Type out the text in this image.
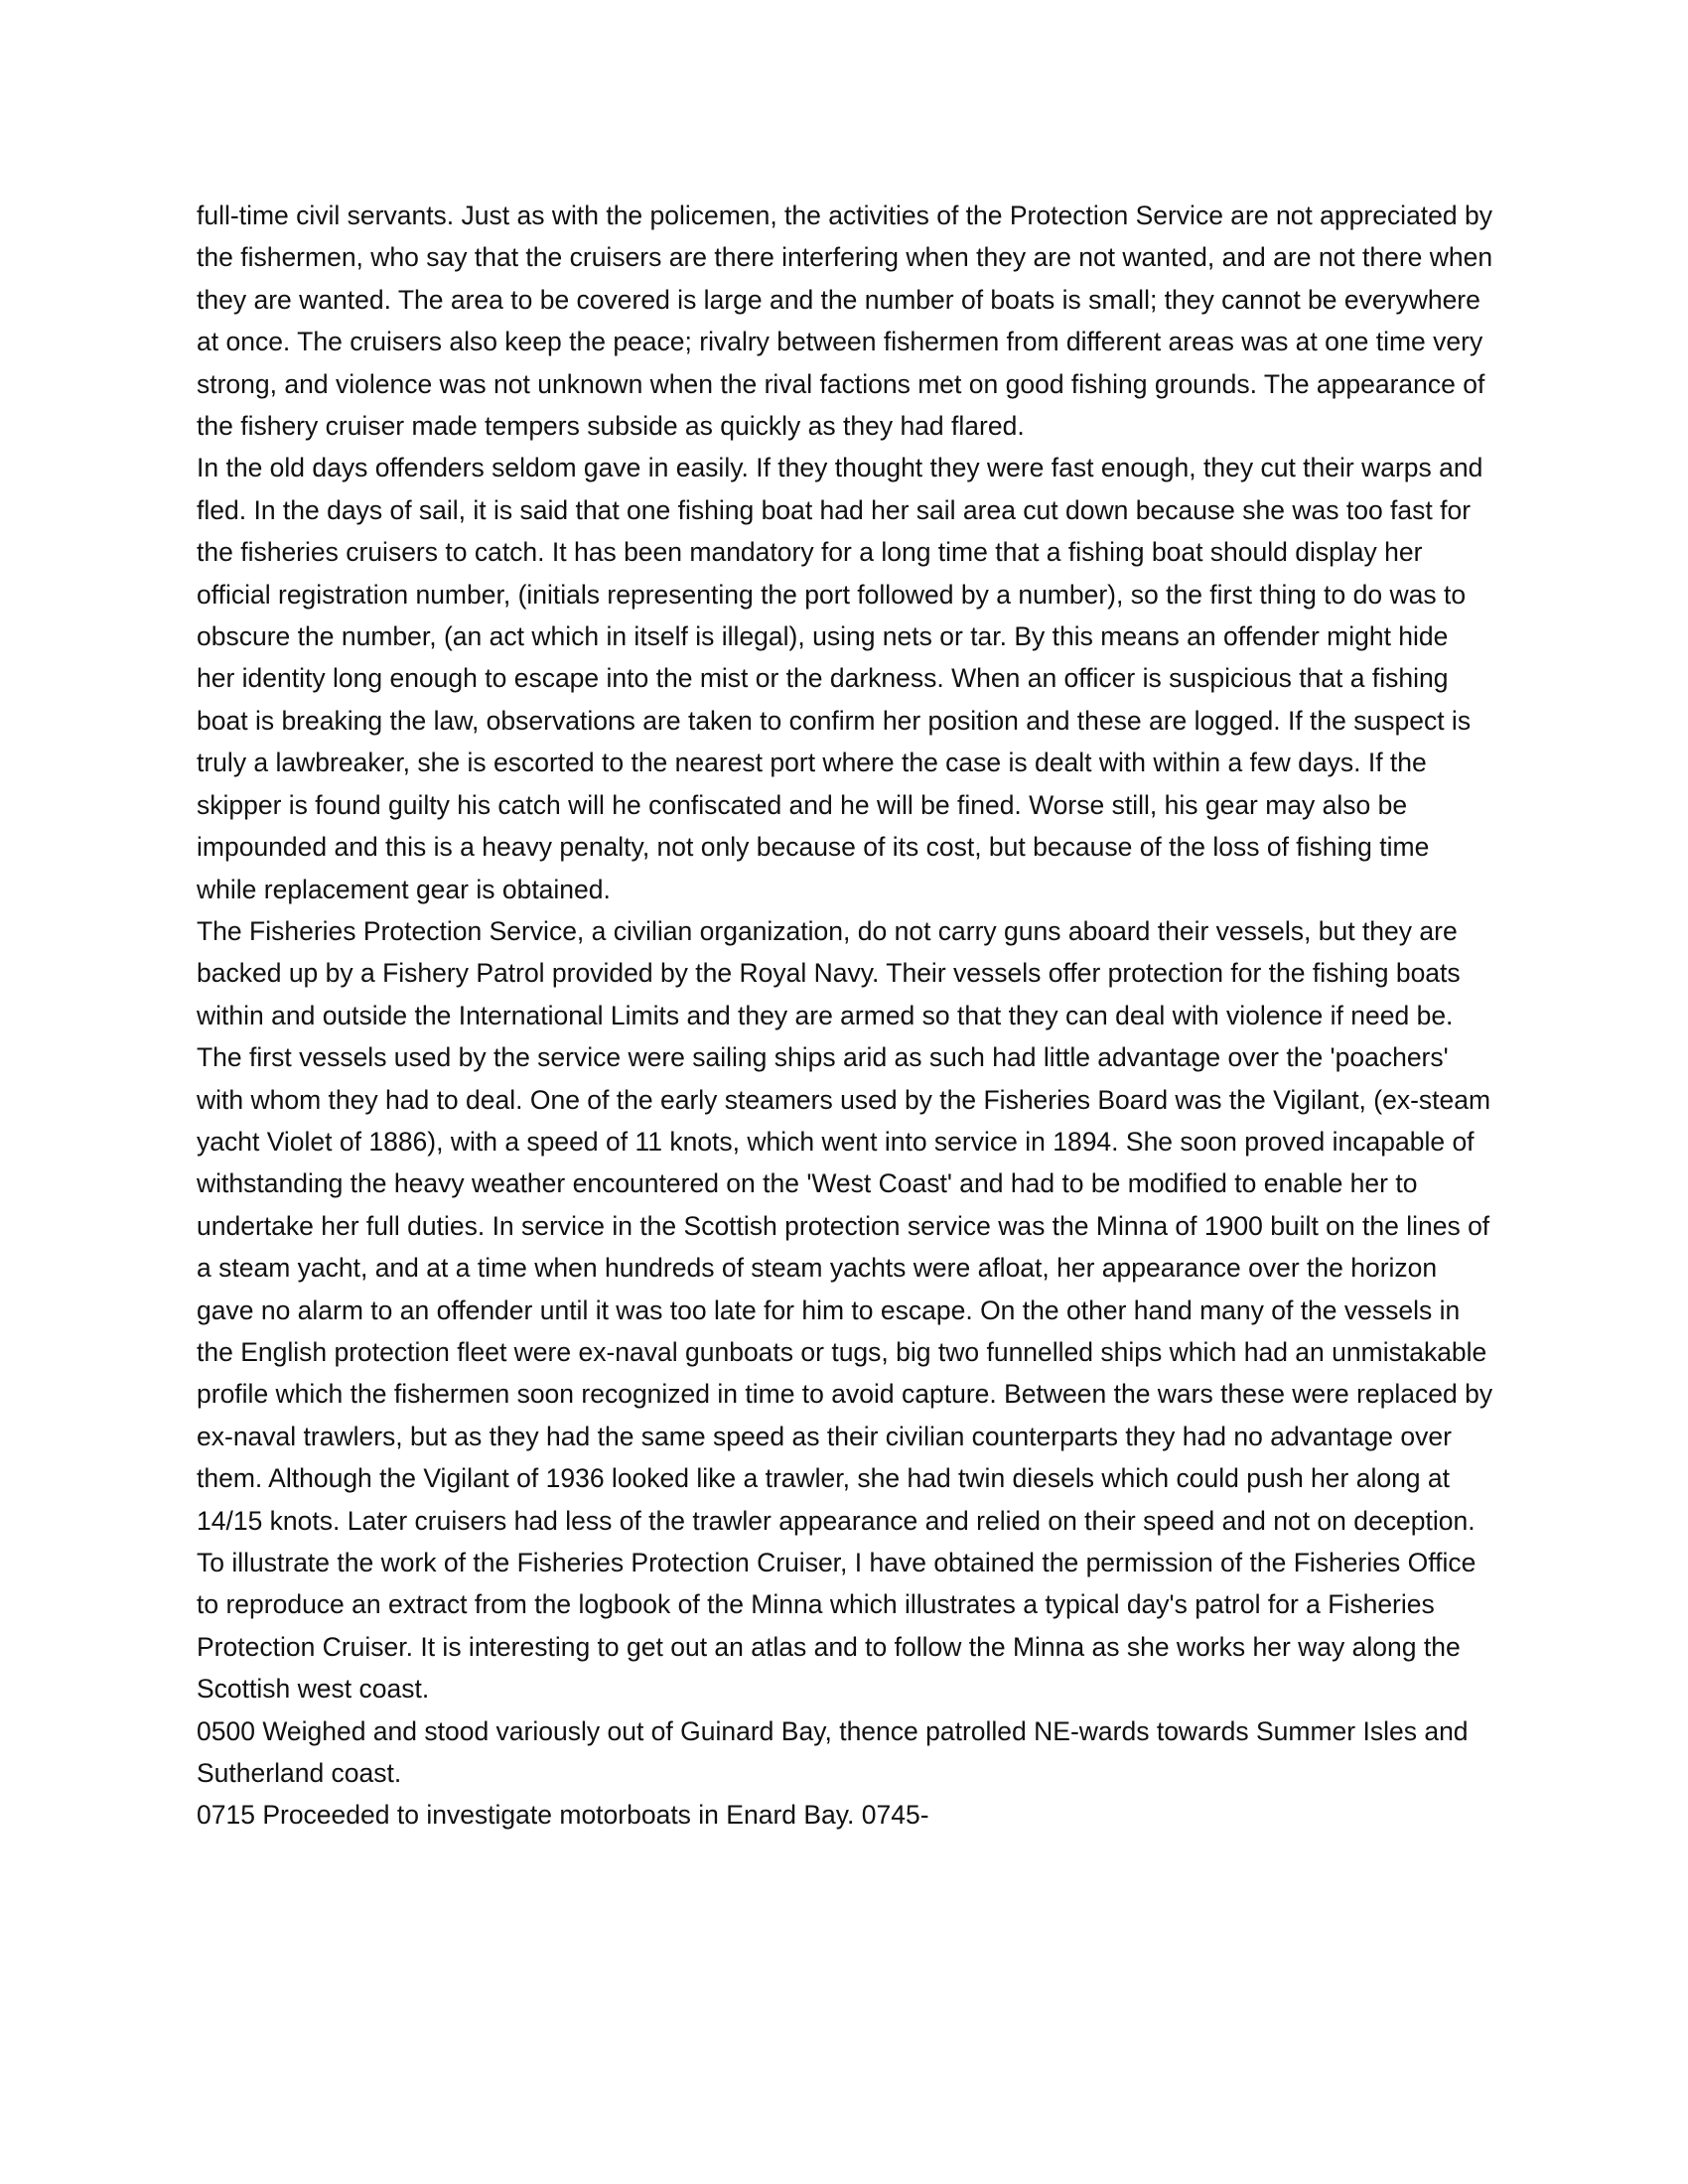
full-time civil servants. Just as with the policemen, the activities of the Protection Service are not appreciated by the fishermen, who say that the cruisers are there interfering when they are not wanted, and are not there when they are wanted. The area to be covered is large and the number of boats is small; they cannot be everywhere at once. The cruisers also keep the peace; rivalry between fishermen from different areas was at one time very strong, and violence was not unknown when the rival factions met on good fishing grounds. The appearance of the fishery cruiser made tempers subside as quickly as they had flared.

In the old days offenders seldom gave in easily. If they thought they were fast enough, they cut their warps and fled. In the days of sail, it is said that one fishing boat had her sail area cut down because she was too fast for the fisheries cruisers to catch. It has been mandatory for a long time that a fishing boat should display her official registration number, (initials representing the port followed by a number), so the first thing to do was to obscure the number, (an act which in itself is illegal), using nets or tar. By this means an offender might hide her identity long enough to escape into the mist or the darkness. When an officer is suspicious that a fishing boat is breaking the law, observations are taken to confirm her position and these are logged. If the suspect is truly a lawbreaker, she is escorted to the nearest port where the case is dealt with within a few days. If the skipper is found guilty his catch will he confiscated and he will be fined. Worse still, his gear may also be impounded and this is a heavy penalty, not only because of its cost, but because of the loss of fishing time while replacement gear is obtained.

The Fisheries Protection Service, a civilian organization, do not carry guns aboard their vessels, but they are backed up by a Fishery Patrol provided by the Royal Navy. Their vessels offer protection for the fishing boats within and outside the International Limits and they are armed so that they can deal with violence if need be.

The first vessels used by the service were sailing ships arid as such had little advantage over the 'poachers' with whom they had to deal. One of the early steamers used by the Fisheries Board was the Vigilant, (ex-steam yacht Violet of 1886), with a speed of 11 knots, which went into service in 1894. She soon proved incapable of withstanding the heavy weather encountered on the 'West Coast' and had to be modified to enable her to undertake her full duties. In service in the Scottish protection service was the Minna of 1900 built on the lines of a steam yacht, and at a time when hundreds of steam yachts were afloat, her appearance over the horizon gave no alarm to an offender until it was too late for him to escape. On the other hand many of the vessels in the English protection fleet were ex-naval gunboats or tugs, big two funnelled ships which had an unmistakable profile which the fishermen soon recognized in time to avoid capture. Between the wars these were replaced by ex-naval trawlers, but as they had the same speed as their civilian counterparts they had no advantage over them. Although the Vigilant of 1936 looked like a trawler, she had twin diesels which could push her along at 14/15 knots. Later cruisers had less of the trawler appearance and relied on their speed and not on deception.

To illustrate the work of the Fisheries Protection Cruiser, I have obtained the permission of the Fisheries Office to reproduce an extract from the logbook of the Minna which illustrates a typical day's patrol for a Fisheries Protection Cruiser. It is interesting to get out an atlas and to follow the Minna as she works her way along the Scottish west coast.

0500 Weighed and stood variously out of Guinard Bay, thence patrolled NE-wards towards Summer Isles and Sutherland coast.

0715 Proceeded to investigate motorboats in Enard Bay. 0745-
